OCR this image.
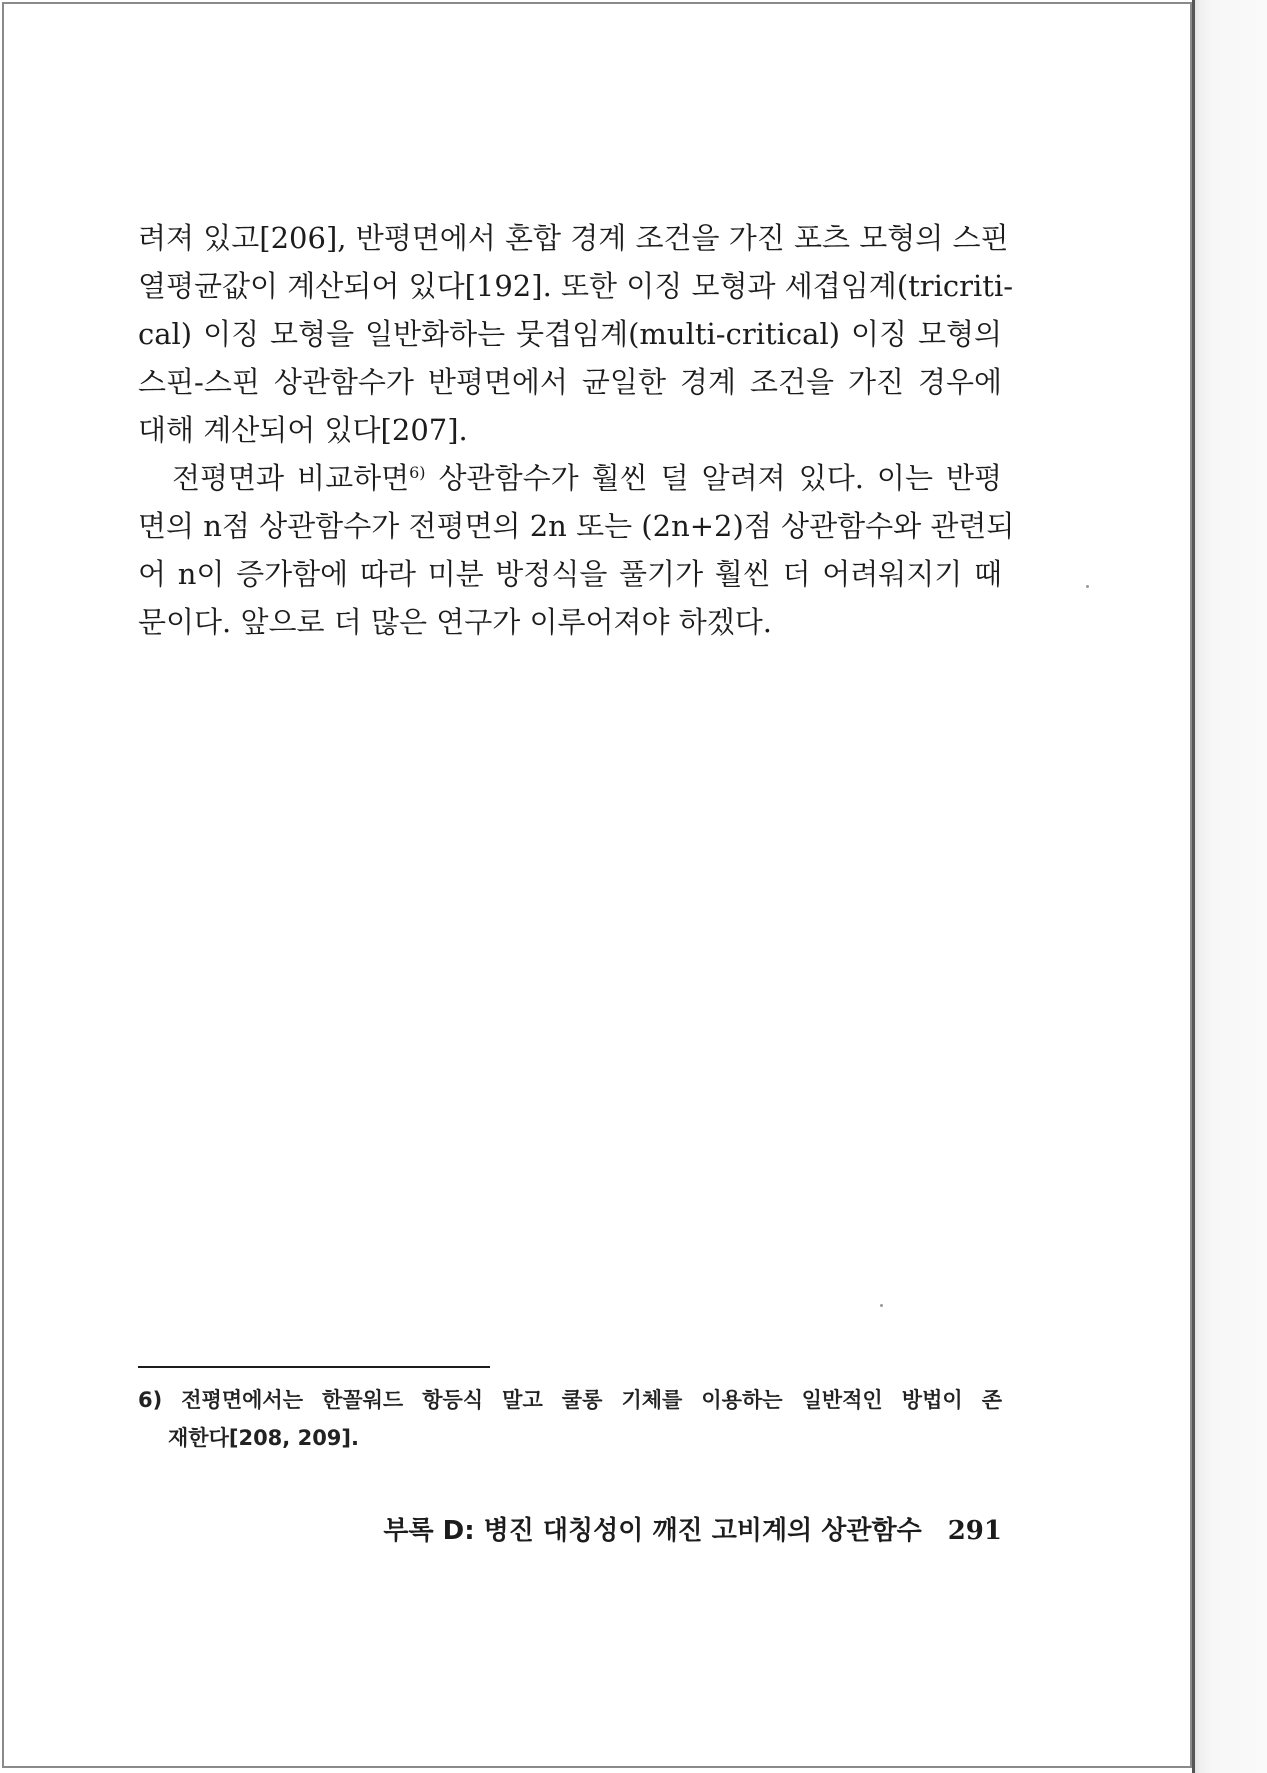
려져 있고[206], 반평면에서 혼합 경계 조건을 가진 포츠 모형의 스핀
열평균값이 계산되어 있다[192]. 또한 이징 모형과 세겹임계(tricriti-
cal) 이징 모형을 일반화하는 뭇겹임계(multi-critical) 이징 모형의
스핀-스핀 상관함수가 반평면에서 균일한 경계 조건을 가진 경우에
대해 계산되어 있다[207].
전평면과 비교하면$^{6)}$ 상관함수가 훨씬 덜 알려져 있다. 이는 반평
면의 n점 상관함수가 전평면의 2n 또는 (2n+2)점 상관함수와 관련되
어 n이 증가함에 따라 미분 방정식을 풀기가 훨씬 더 어려워지기 때
문이다. 앞으로 더 많은 연구가 이루어져야 하겠다.
6) 전평면에서는 한꼴워드 항등식 말고 쿨롱 기체를 이용하는 일반적인 방법이 존
재한다[208, 209].
부록 D: 병진 대칭성이 깨진 고비계의 상관함수 291
